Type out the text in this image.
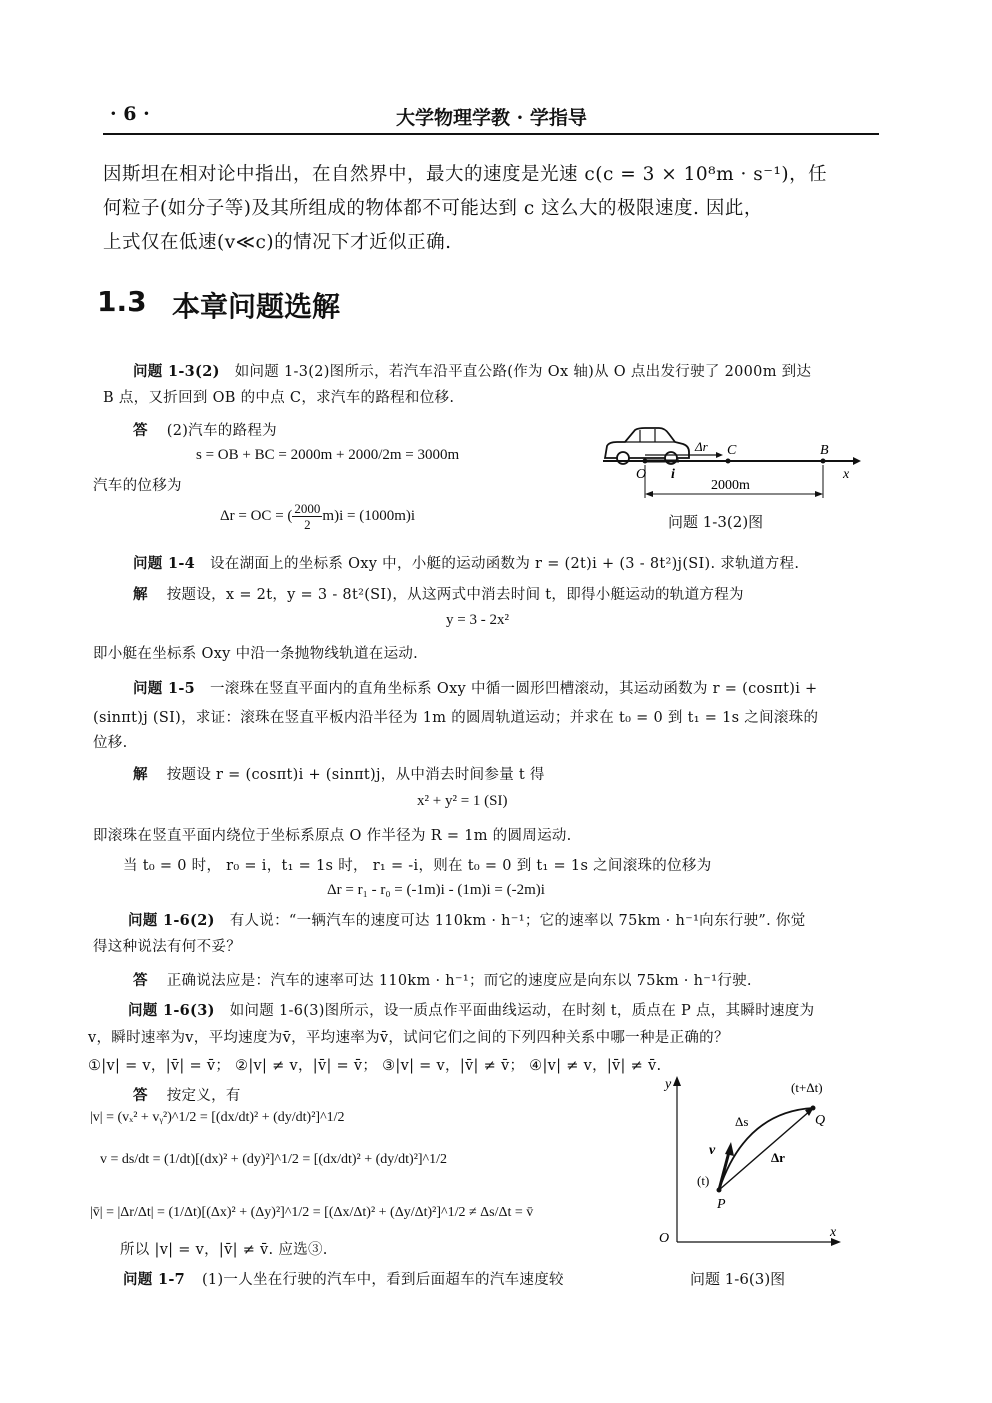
· 6 ·	大学物理学教 · 学指导
因斯坦在相对论中指出，在自然界中，最大的速度是光速 c(c = 3 × 10⁸m · s⁻¹)，任
何粒子(如分子等)及其所组成的物体都不可能达到 c 这么大的极限速度. 因此，
上式仅在低速(v≪c)的情况下才近似正确.
1.3 本章问题选解
问题 1-3(2) 如问题 1-3(2)图所示，若汽车沿平直公路(作为 Ox 轴)从 O 点出发行驶了 2000m 到达
B 点，又折回到 OB 的中点 C，求汽车的路程和位移.
答 (2)汽车的路程为
s = OB + BC = 2000m + 2000/2m = 3000m
汽车的位移为
Δr = OC = ( $\frac{2000}{2} m)i = (1000m)i$
O i
Δr C	B
x
2000m
问题 1-3(2)图
问题 1-4 设在湖面上的坐标系 Oxy 中，小艇的运动函数为 r = (2t)i + (3 - 8t²)j(SI). 求轨道方程.
解 按题设，x = 2t，y = 3 - 8t²(SI)，从这两式中消去时间 t，即得小艇运动的轨道方程为
y = 3 - 2x²
即小艇在坐标系 Oxy 中沿一条抛物线轨道在运动.
问题 1-5 一滚珠在竖直平面内的直角坐标系 Oxy 中循一圆形凹槽滚动，其运动函数为 r = (cosπt)i +
(sinπt)j (SI)，求证：滚珠在竖直平板内沿半径为 1m 的圆周轨道运动；并求在 t₀ = 0 到 t₁ = 1s 之间滚珠的
位移.
解 按题设 r = (cosπt)i + (sinπt)j，从中消去时间参量 t 得
x² + y² = 1 (SI)
即滚珠在竖直平面内绕位于坐标系原点 O 作半径为 R = 1m 的圆周运动.
当 t₀ = 0 时， r₀ = i，t₁ = 1s 时， r₁ = -i，则在 t₀ = 0 到 t₁ = 1s 之间滚珠的位移为
Δr = r₁ - r₀ = (-1m)i - (1m)i = (-2m)i
问题 1-6(2) 有人说：“一辆汽车的速度可达 110km · h⁻¹；它的速率以 75km · h⁻¹向东行驶”. 你觉
得这种说法有何不妥？
答 正确说法应是：汽车的速率可达 110km · h⁻¹；而它的速度应是向东以 75km · h⁻¹行驶.
问题 1-6(3) 如问题 1-6(3)图所示，设一质点作平面曲线运动，在时刻 t，质点在 P 点，其瞬时速度为
v，瞬时速率为v，平均速度为v̄，平均速率为v̄，试问它们之间的下列四种关系中哪一种是正确的？
①|v| = v，|v̄| = v̄； ②|v| ≠ v，|v̄| = v̄； ③|v| = v，|v̄| ≠ v̄； ④|v| ≠ v，|v̄| ≠ v̄.
答 按定义，有
|v| = (vₓ² + vᵧ²)^1/2 = [(dx/dt)² + (dy/dt)²]^1/2
v = ds/dt = (1/dt)[(dx)² + (dy)²]^1/2 = [(dx/dt)² + (dy/dt)²]^1/2
|v̄| = |Δr/Δt| = (1/Δt)[(Δx)² + (Δy)²]^1/2 = [(Δx/Δt)² + (Δy/Δt)²]^1/2 ≠ Δs/Δt = v̄
所以 |v| = v，|v̄| ≠ v̄. 应选③.
y
x
O
(t+Δt)
Q
Δs
v	Δr
(t)
P
问题 1-6(3)图
问题 1-7 (1)一人坐在行驶的汽车中，看到后面超车的汽车速度较
